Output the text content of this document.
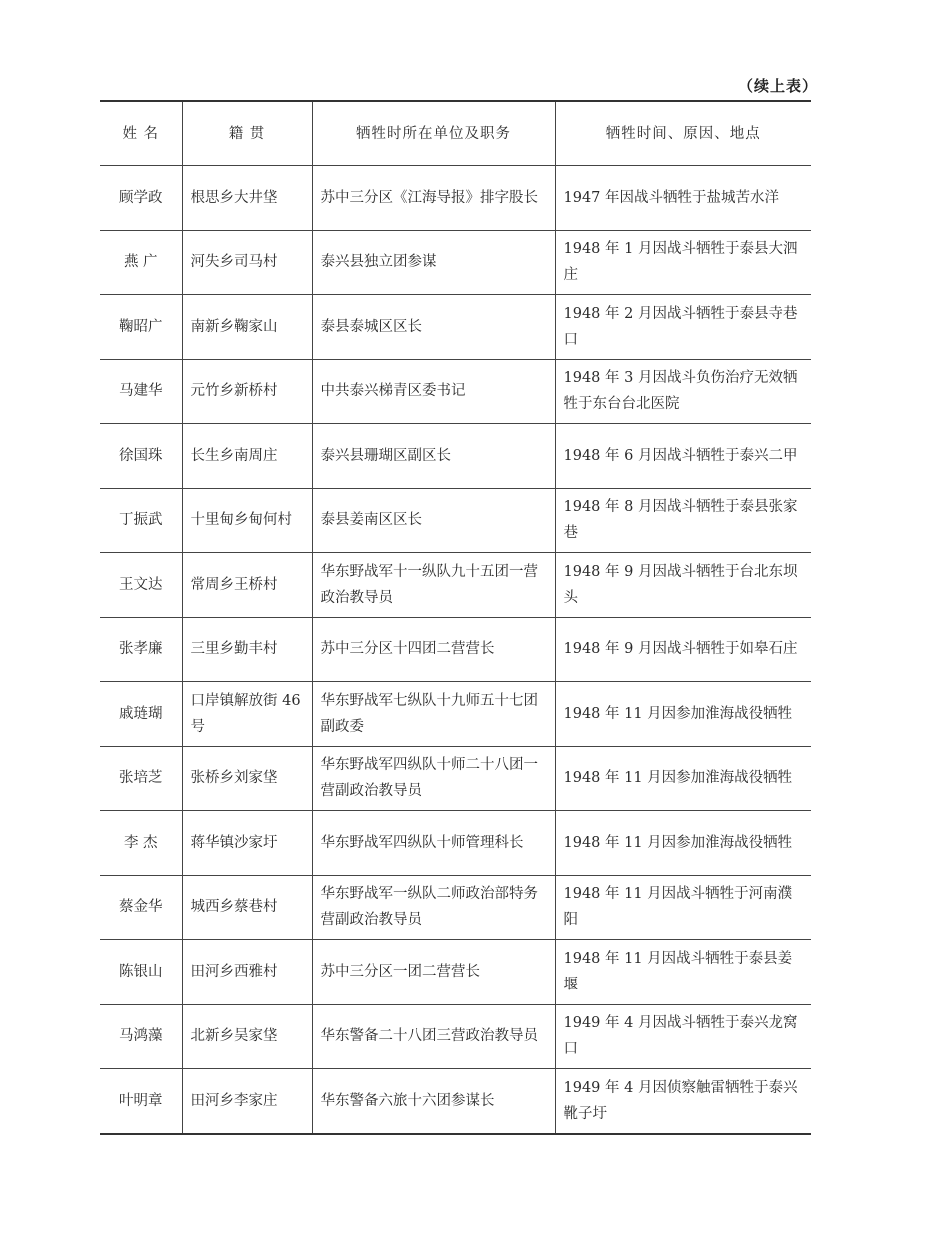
（续上表）
姓 名	籍 贯	牺牲时所在单位及职务	牺牲时间、原因、地点
顾学政	根思乡大井垡	苏中三分区《江海导报》排字股长	1947 年因战斗牺牲于盐城苦水洋
燕 广	河失乡司马村	泰兴县独立团参谋	1948 年 1 月因战斗牺牲于泰县大泗庄
鞠昭广	南新乡鞠家山	泰县泰城区区长	1948 年 2 月因战斗牺牲于泰县寺巷口
马建华	元竹乡新桥村	中共泰兴梯青区委书记	1948 年 3 月因战斗负伤治疗无效牺牲于东台台北医院
徐国珠	长生乡南周庄	泰兴县珊瑚区副区长	1948 年 6 月因战斗牺牲于泰兴二甲
丁振武	十里甸乡甸何村	泰县姜南区区长	1948 年 8 月因战斗牺牲于泰县张家巷
王文达	常周乡王桥村	华东野战军十一纵队九十五团一营政治教导员	1948 年 9 月因战斗牺牲于台北东坝头
张孝廉	三里乡勤丰村	苏中三分区十四团二营营长	1948 年 9 月因战斗牺牲于如皋石庄
戚琏瑚	口岸镇解放街 46 号	华东野战军七纵队十九师五十七团副政委	1948 年 11 月因参加淮海战役牺牲
张培芝	张桥乡刘家垡	华东野战军四纵队十师二十八团一营副政治教导员	1948 年 11 月因参加淮海战役牺牲
李 杰	蒋华镇沙家圩	华东野战军四纵队十师管理科长	1948 年 11 月因参加淮海战役牺牲
蔡金华	城西乡蔡巷村	华东野战军一纵队二师政治部特务营副政治教导员	1948 年 11 月因战斗牺牲于河南濮阳
陈银山	田河乡西雅村	苏中三分区一团二营营长	1948 年 11 月因战斗牺牲于泰县姜堰
马鸿藻	北新乡吴家垡	华东警备二十八团三营政治教导员	1949 年 4 月因战斗牺牲于泰兴龙窝口
叶明章	田河乡李家庄	华东警备六旅十六团参谋长	1949 年 4 月因侦察触雷牺牲于泰兴靴子圩
